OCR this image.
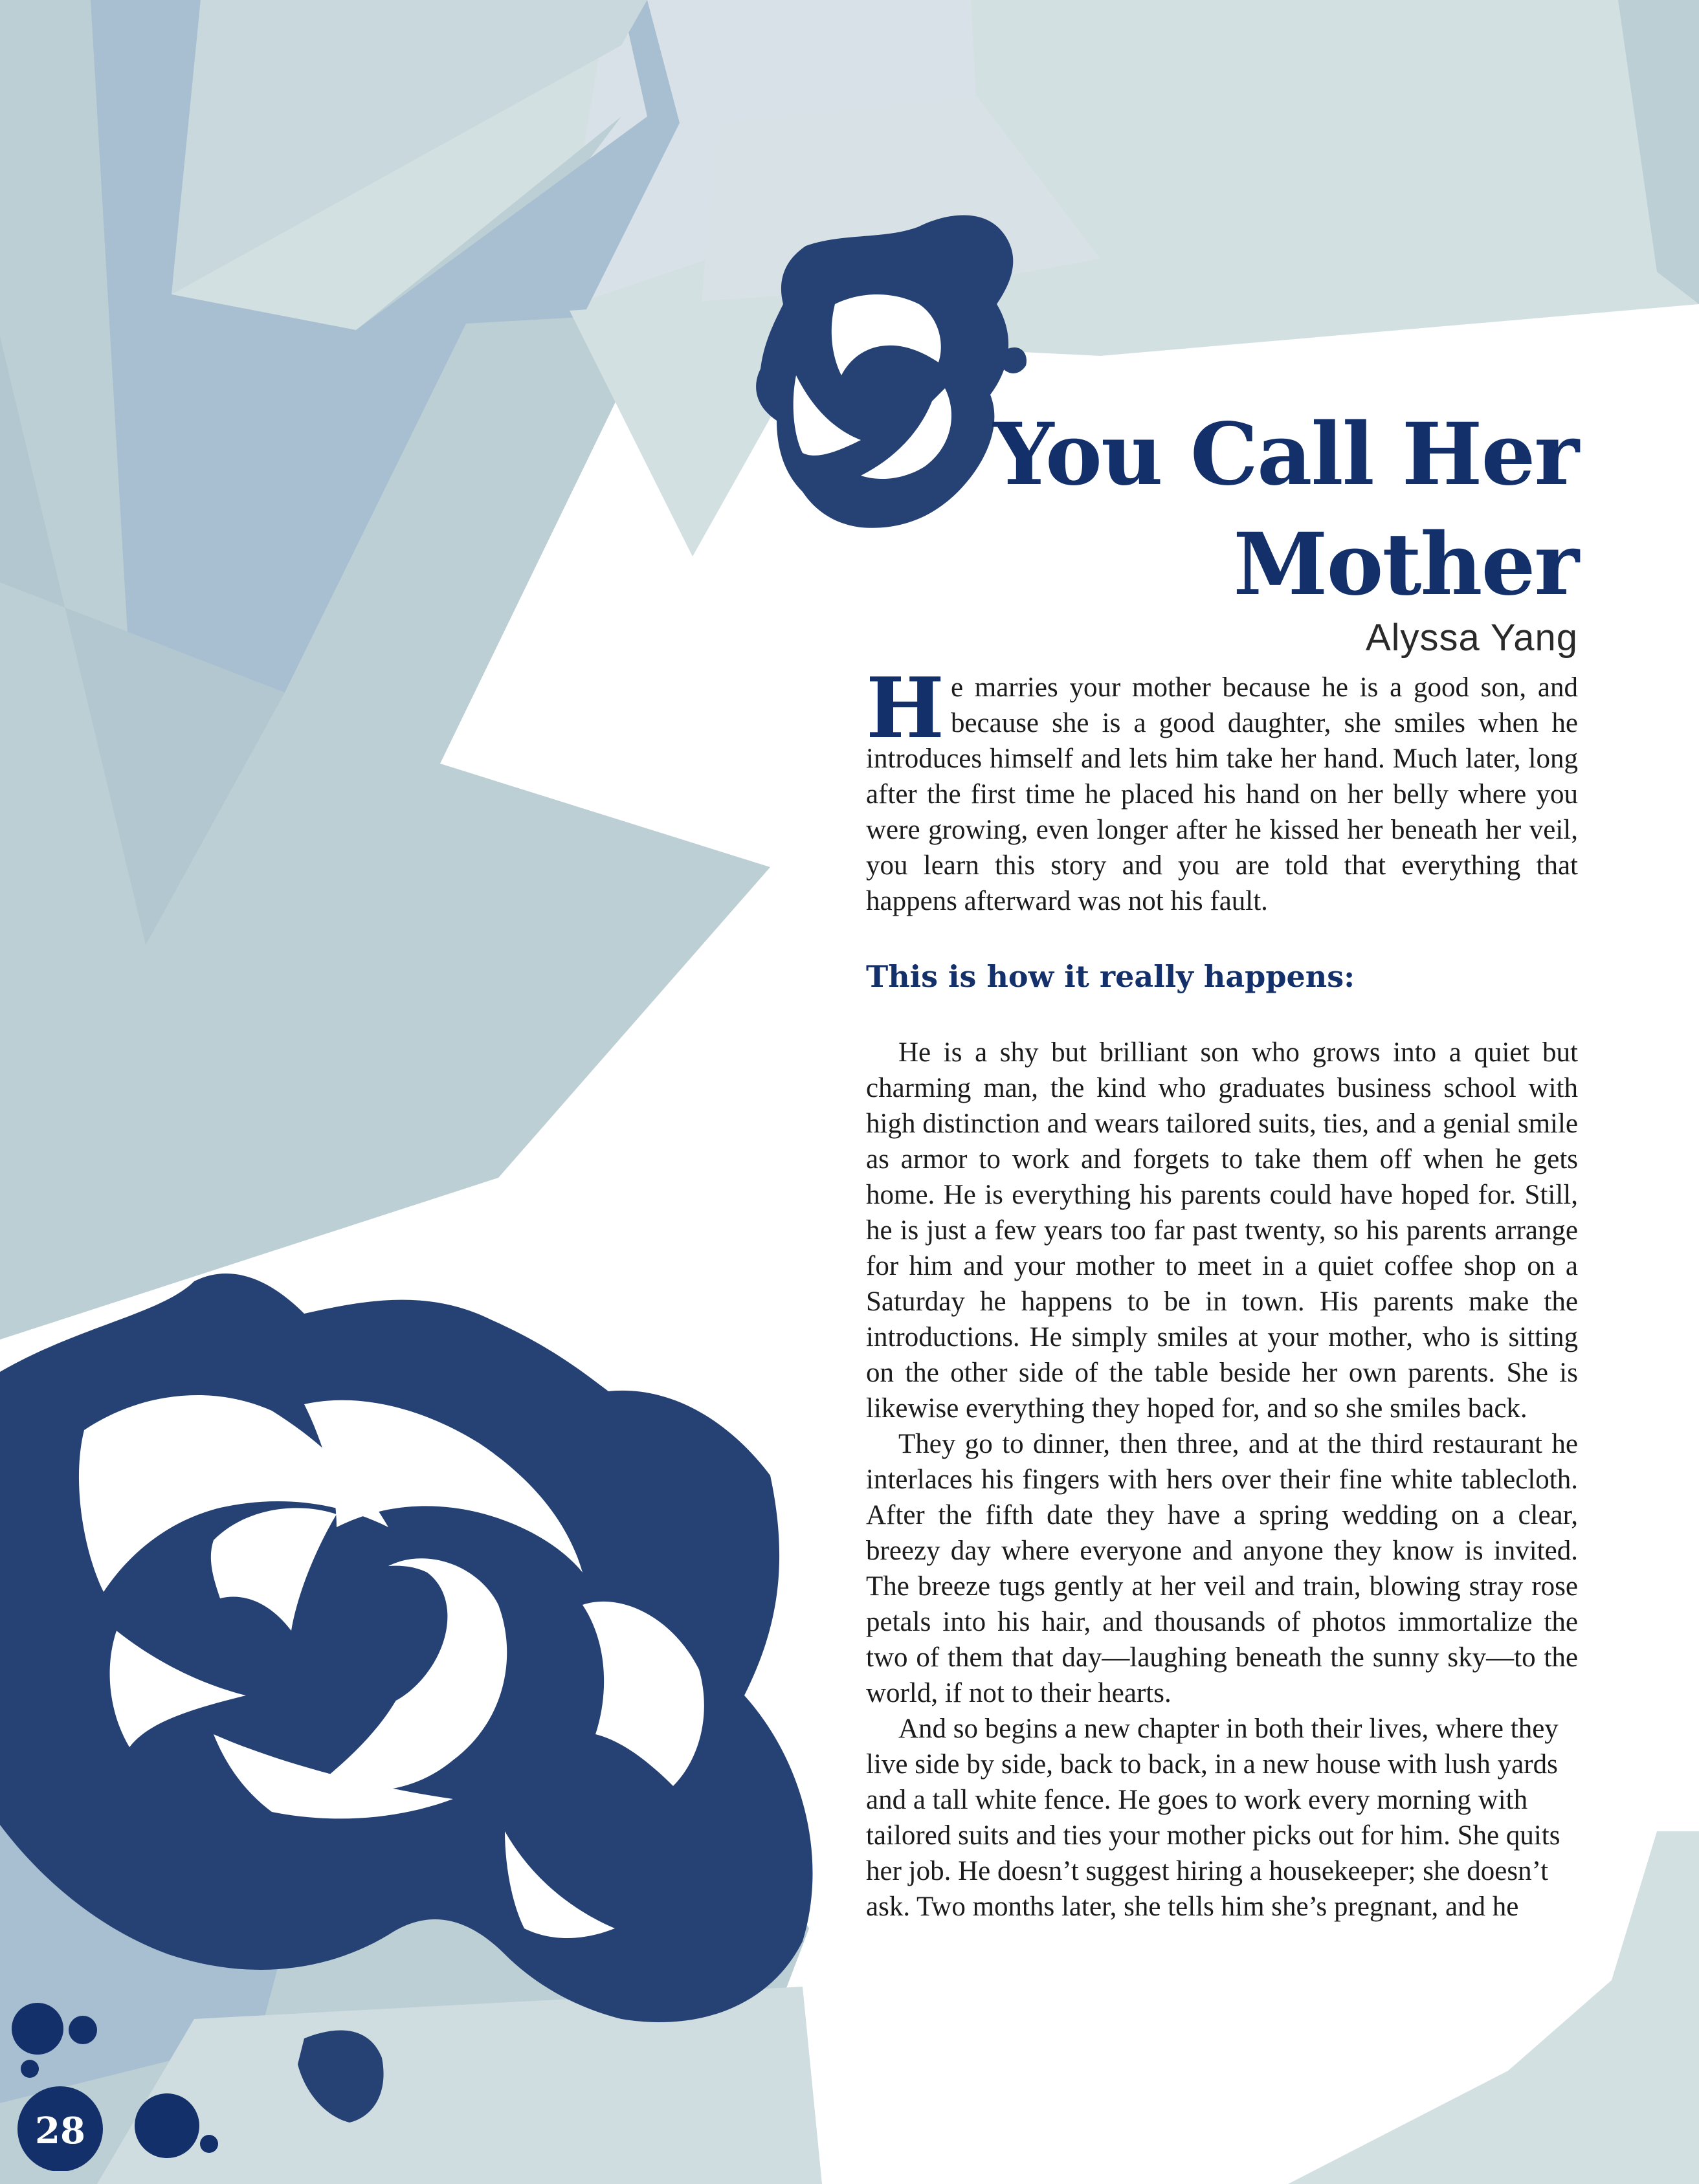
You Call Her
Mother
Alyssa Yang

He marries your mother because he is a good son, and because she is a good daughter, she smiles when he introduces himself and lets him take her hand. Much later, long after the first time he placed his hand on her belly where you were growing, even longer after he kissed her beneath her veil, you learn this story and you are told that everything that happens afterward was not his fault.

This is how it really happens:

He is a shy but brilliant son who grows into a quiet but charming man, the kind who graduates business school with high distinction and wears tailored suits, ties, and a genial smile as armor to work and forgets to take them off when he gets home. He is everything his parents could have hoped for. Still, he is just a few years too far past twenty, so his parents arrange for him and your mother to meet in a quiet coffee shop on a Saturday he happens to be in town. His parents make the introductions. He simply smiles at your mother, who is sitting on the other side of the table beside her own parents. She is likewise everything they hoped for, and so she smiles back.

They go to dinner, then three, and at the third restaurant he interlaces his fingers with hers over their fine white tablecloth. After the fifth date they have a spring wedding on a clear, breezy day where everyone and anyone they know is invited. The breeze tugs gently at her veil and train, blowing stray rose petals into his hair, and thousands of photos immortalize the two of them that day—laughing beneath the sunny sky—to the world, if not to their hearts.

And so begins a new chapter in both their lives, where they live side by side, back to back, in a new house with lush yards and a tall white fence. He goes to work every morning with tailored suits and ties your mother picks out for him. She quits her job. He doesn’t suggest hiring a housekeeper; she doesn’t ask. Two months later, she tells him she’s pregnant, and he

28
